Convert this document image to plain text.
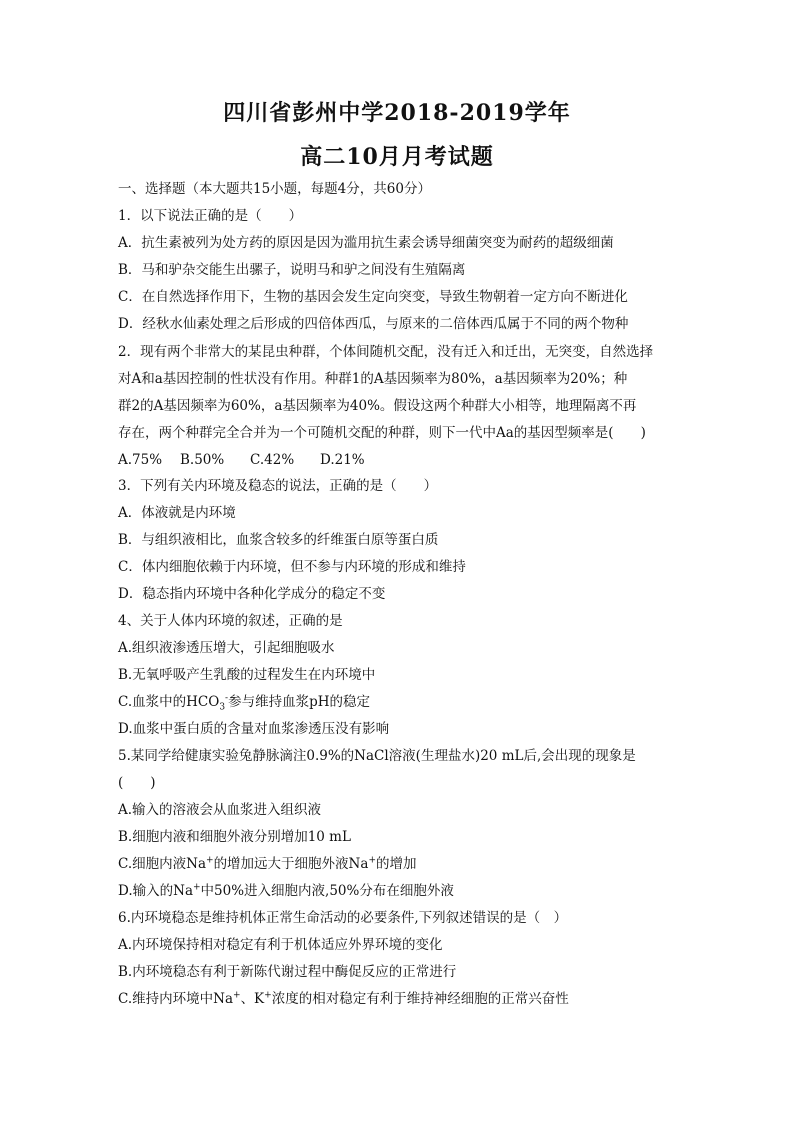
四川省彭州中学2018-2019学年
高二10月月考试题
一、选择题（本大题共15小题，每题4分，共60分）
1．以下说法正确的是（　　）
A．抗生素被列为处方药的原因是因为滥用抗生素会诱导细菌突变为耐药的超级细菌
B．马和驴杂交能生出骡子，说明马和驴之间没有生殖隔离
C．在自然选择作用下，生物的基因会发生定向突变，导致生物朝着一定方向不断进化
D．经秋水仙素处理之后形成的四倍体西瓜，与原来的二倍体西瓜属于不同的两个物种
2．现有两个非常大的某昆虫种群，个体间随机交配，没有迁入和迁出，无突变，自然选择
对A和a基因控制的性状没有作用。种群1的A基因频率为80%，a基因频率为20%；种
群2的A基因频率为60%，a基因频率为40%。假设这两个种群大小相等，地理隔离不再
存在，两个种群完全合并为一个可随机交配的种群，则下一代中Aa的基因型频率是(　　)
A.75% B.50% C.42% D.21%
3．下列有关内环境及稳态的说法，正确的是（　　）
A．体液就是内环境
B．与组织液相比，血浆含较多的纤维蛋白原等蛋白质
C．体内细胞依赖于内环境，但不参与内环境的形成和维持
D．稳态指内环境中各种化学成分的稳定不变
4、关于人体内环境的叙述，正确的是
A.组织液渗透压增大，引起细胞吸水
B.无氧呼吸产生乳酸的过程发生在内环境中
C.血浆中的$HCO_3^-$参与维持血浆pH的稳定
D.血浆中蛋白质的含量对血浆渗透压没有影响
5.某同学给健康实验兔静脉滴注0.9%的NaCl溶液(生理盐水)20 mL后,会出现的现象是
(　　)
A.输入的溶液会从血浆进入组织液
B.细胞内液和细胞外液分别增加10 mL
C.细胞内液Na+的增加远大于细胞外液Na+的增加
D.输入的Na+中50%进入细胞内液,50%分布在细胞外液
6.内环境稳态是维持机体正常生命活动的必要条件,下列叙述错误的是（　）
A.内环境保持相对稳定有利于机体适应外界环境的变化
B.内环境稳态有利于新陈代谢过程中酶促反应的正常进行
C.维持内环境中Na+、K+浓度的相对稳定有利于维持神经细胞的正常兴奋性
